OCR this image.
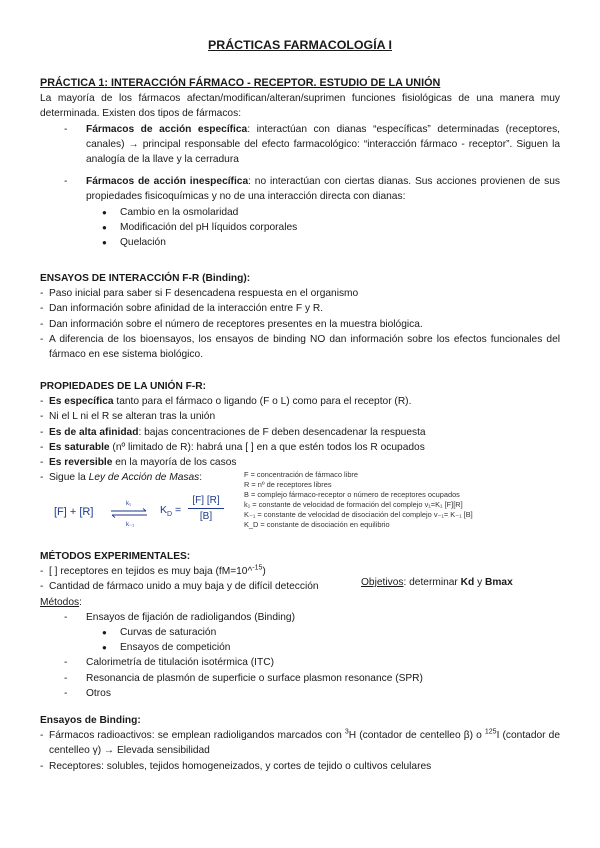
PRÁCTICAS FARMACOLOGÍA I
PRÁCTICA 1: INTERACCIÓN FÁRMACO - RECEPTOR. ESTUDIO DE LA UNIÓN
La mayoría de los fármacos afectan/modifican/alteran/suprimen funciones fisiológicas de una manera muy determinada. Existen dos tipos de fármacos:
-	Fármacos de acción específica: interactúan con dianas “específicas” determinadas (receptores, canales) → principal responsable del efecto farmacológico: “interacción fármaco - receptor”. Siguen la analogía de la llave y la cerradura
-	Fármacos de acción inespecífica: no interactúan con ciertas dianas. Sus acciones provienen de sus propiedades fisicoquímicas y no de una interacción directa con dianas:
●	Cambio en la osmolaridad
●	Modificación del pH líquidos corporales
●	Quelación
ENSAYOS DE INTERACCIÓN F-R (Binding):
- Paso inicial para saber si F desencadena respuesta en el organismo
- Dan información sobre afinidad de la interacción entre F y R.
- Dan información sobre el número de receptores presentes en la muestra biológica.
- A diferencia de los bioensayos, los ensayos de binding NO dan información sobre los efectos funcionales del fármaco en ese sistema biológico.
PROPIEDADES DE LA UNIÓN F-R:
- Es específica tanto para el fármaco o ligando (F o L) como para el receptor (R).
- Ni el L ni el R se alteran tras la unión
- Es de alta afinidad: bajas concentraciones de F deben desencadenar la respuesta
- Es saturable (nº limitado de R): habrá una [ ] en a que estén todos los R ocupados
- Es reversible en la mayoría de los casos
- Sigue la Ley de Acción de Masas:
[F] + [R]
k₁
k₋₁
$K_D$ =
[F] [R]
[B]
F = concentración de fármaco libre
R = nº de receptores libres
B = complejo fármaco-receptor o número de receptores ocupados
k₁ = constante de velocidad de formación del complejo v₁=K₁ [F][R]
K₋₁ = constante de velocidad de disociación del complejo v₋₁= K₋₁ [B]
K_D = constante de disociación en equilibrio
MÉTODOS EXPERIMENTALES:
- [ ] receptores en tejidos es muy baja (fM=10^$^{-15}$)
- Cantidad de fármaco unido a muy baja y de difícil detección
Métodos:
-	Ensayos de fijación de radioligandos (Binding)
●	Curvas de saturación
●	Ensayos de competición
-	Calorimetría de titulación isotérmica (ITC)
-	Resonancia de plasmón de superficie o surface plasmon resonance (SPR)
-	Otros
Objetivos: determinar Kd y Bmax
Ensayos de Binding:
- Fármacos radioactivos: se emplean radioligandos marcados con $^3$H (contador de centelleo β) o $^{125}$I (contador de centelleo γ) → Elevada sensibilidad
- Receptores: solubles, tejidos homogeneizados, y cortes de tejido o cultivos celulares
